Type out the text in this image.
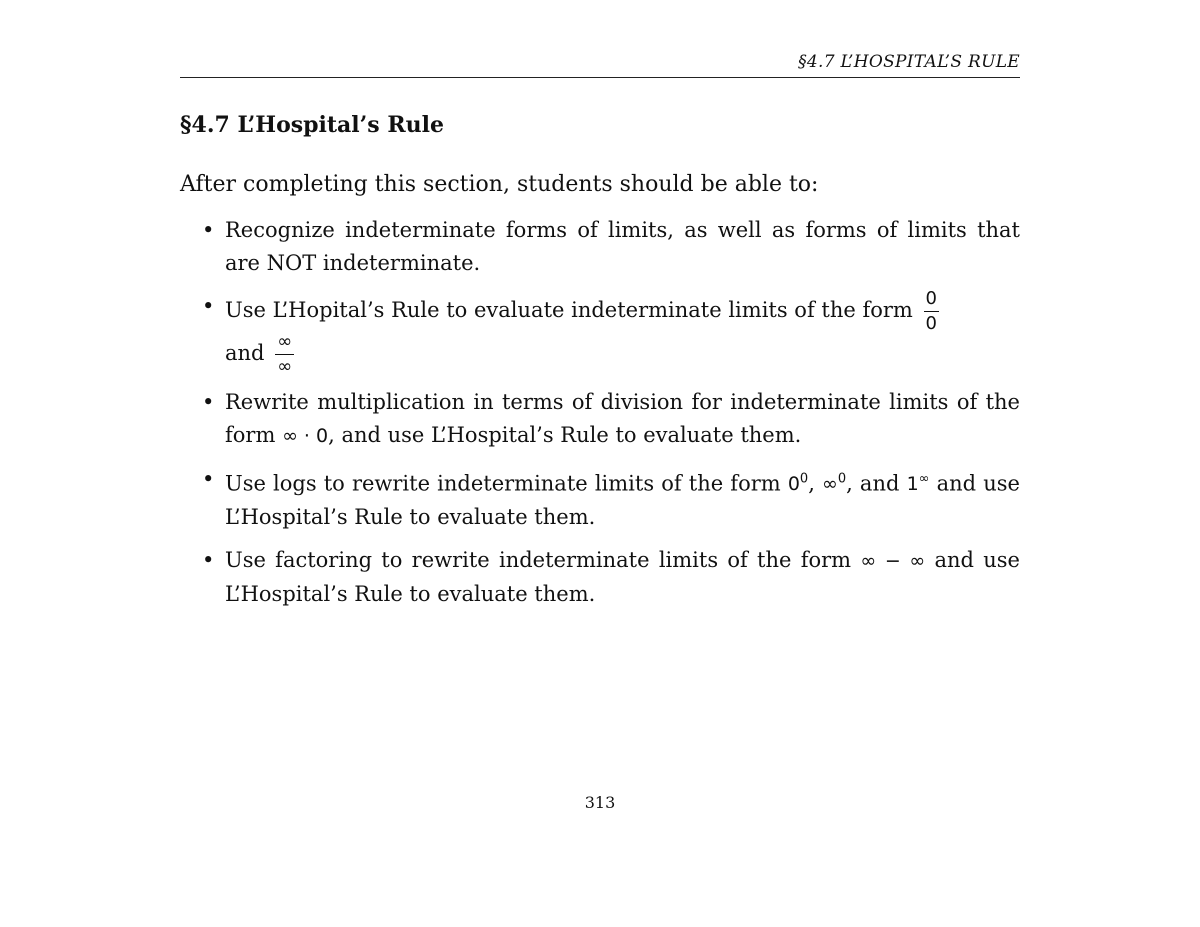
§4.7 L’HOSPITAL’S RULE
§4.7 L’Hospital’s Rule
After completing this section, students should be able to:
• Recognize indeterminate forms of limits, as well as forms of limits that are NOT indeterminate.
• Use L’Hopital’s Rule to evaluate indeterminate limits of the form $\frac{0}{0}$

and $\frac{\infty}{\infty}$
• Rewrite multiplication in terms of division for indeterminate limits of the form ∞ · 0, and use L’Hospital’s Rule to evaluate them.
• Use logs to rewrite indeterminate limits of the form $0^0$, ∞$^0$, and 1∞ and use L’Hospital’s Rule to evaluate them.
• Use factoring to rewrite indeterminate limits of the form ∞ − ∞ and use L’Hospital’s Rule to evaluate them.
313
